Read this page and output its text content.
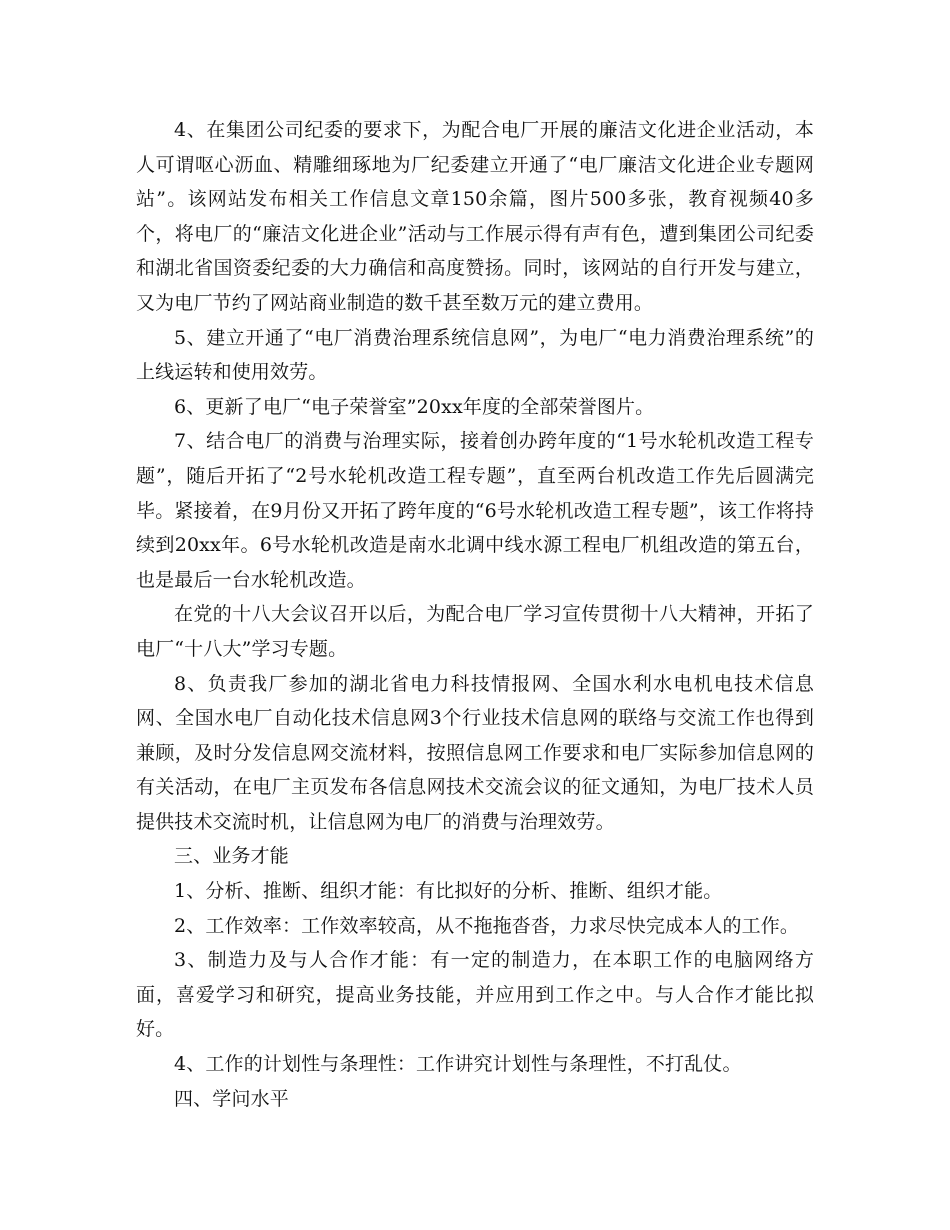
4、在集团公司纪委的要求下，为配合电厂开展的廉洁文化进企业活动，本人可谓呕心沥血、精雕细琢地为厂纪委建立开通了“电厂廉洁文化进企业专题网站”。该网站发布相关工作信息文章150余篇，图片500多张，教育视频40多个，将电厂的“廉洁文化进企业”活动与工作展示得有声有色，遭到集团公司纪委和湖北省国资委纪委的大力确信和高度赞扬。同时，该网站的自行开发与建立，又为电厂节约了网站商业制造的数千甚至数万元的建立费用。

5、建立开通了“电厂消费治理系统信息网”，为电厂“电力消费治理系统”的上线运转和使用效劳。

6、更新了电厂“电子荣誉室”20xx年度的全部荣誉图片。

7、结合电厂的消费与治理实际，接着创办跨年度的“1号水轮机改造工程专题”，随后开拓了“2号水轮机改造工程专题”，直至两台机改造工作先后圆满完毕。紧接着，在9月份又开拓了跨年度的“6号水轮机改造工程专题”，该工作将持续到20xx年。6号水轮机改造是南水北调中线水源工程电厂机组改造的第五台，也是最后一台水轮机改造。

在党的十八大会议召开以后，为配合电厂学习宣传贯彻十八大精神，开拓了电厂“十八大”学习专题。

8、负责我厂参加的湖北省电力科技情报网、全国水利水电机电技术信息网、全国水电厂自动化技术信息网3个行业技术信息网的联络与交流工作也得到兼顾，及时分发信息网交流材料，按照信息网工作要求和电厂实际参加信息网的有关活动，在电厂主页发布各信息网技术交流会议的征文通知，为电厂技术人员提供技术交流时机，让信息网为电厂的消费与治理效劳。

三、业务才能

1、分析、推断、组织才能：有比拟好的分析、推断、组织才能。

2、工作效率：工作效率较高，从不拖拖沓沓，力求尽快完成本人的工作。

3、制造力及与人合作才能：有一定的制造力，在本职工作的电脑网络方面，喜爱学习和研究，提高业务技能，并应用到工作之中。与人合作才能比拟好。

4、工作的计划性与条理性：工作讲究计划性与条理性，不打乱仗。

四、学问水平
